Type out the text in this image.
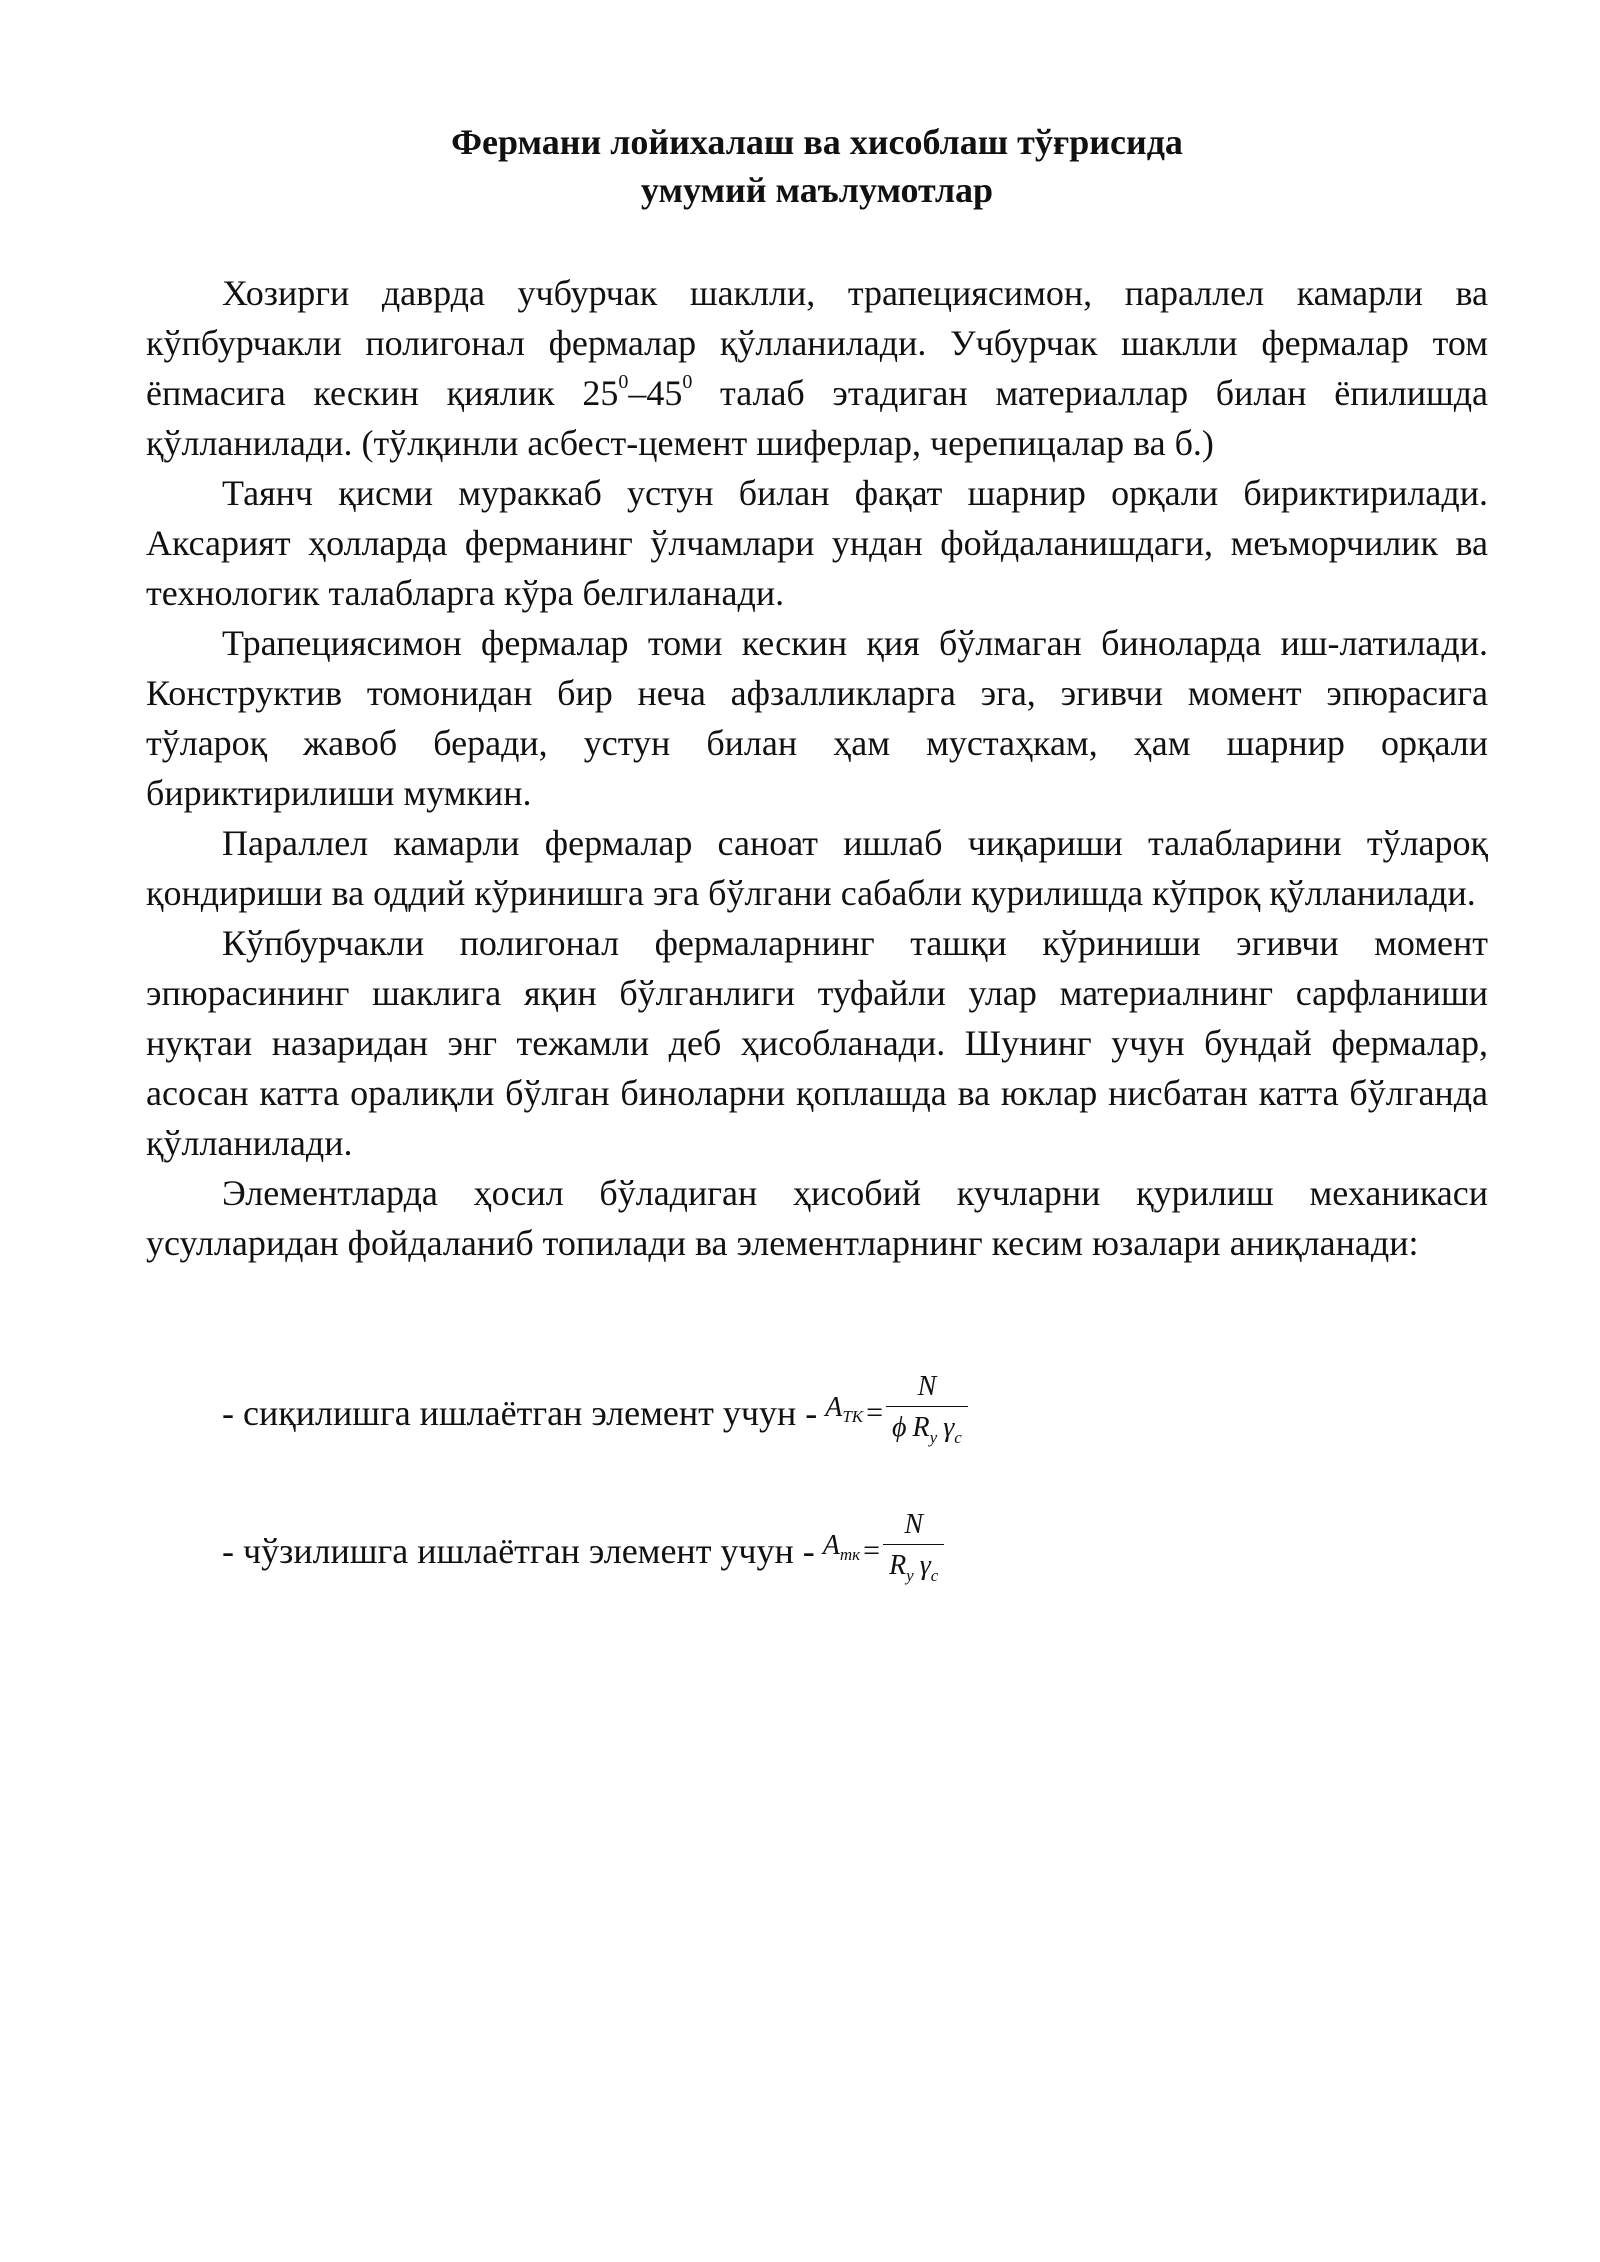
Фермани лойихалаш ва хисоблаш тўғрисида
умумий маълумотлар

Хозирги даврда учбурчак шаклли, трапециясимон, параллел камарли ва кўпбурчакли полигонал фермалар қўлланилади. Учбурчак шаклли фермалар том ёпмасига кескин қиялик $25^0-45^0$ талаб этадиган материаллар билан ёпилишда қўлланилади. (тўлқинли асбест-цемент шиферлар, черепицалар ва б.)

Таянч қисми мураккаб устун билан фақат шарнир орқали бириктирилади. Аксарият ҳолларда ферманинг ўлчамлари ундан фойдаланишдаги, меъморчилик ва технологик талабларга кўра белгиланади.

Трапециясимон фермалар томи кескин қия бўлмаган биноларда иш-латилади. Конструктив томонидан бир неча афзалликларга эга, эгивчи момент эпюрасига тўлароқ жавоб беради, устун билан ҳам мустаҳкам, ҳам шарнир орқали бириктирилиши мумкин.

Параллел камарли фермалар саноат ишлаб чиқариши талабларини тўлароқ қондириши ва оддий кўринишга эга бўлгани сабабли қурилишда кўпроқ қўлланилади.

Кўпбурчакли полигонал фермаларнинг ташқи кўриниши эгивчи момент эпюрасининг шаклига яқин бўлганлиги туфайли улар материалнинг сарфланиши нуқтаи назаридан энг тежамли деб ҳисобланади. Шунинг учун бундай фермалар, асосан катта оралиқли бўлган биноларни қоплашда ва юклар нисбатан катта бўлганда қўлланилади.

Элементларда ҳосил бўладиган ҳисобий кучларни қурилиш механикаси усулларидан фойдаланиб топилади ва элементларнинг кесим юзалари аниқланади:

- сиқилишга ишлаётган элемент учун - $A_{TK} = \frac{N}{\phi R_y \gamma_c}$
- чўзилишга ишлаётган элемент учун - $A_{тк} = \frac{N}{R_y \gamma_c}$
